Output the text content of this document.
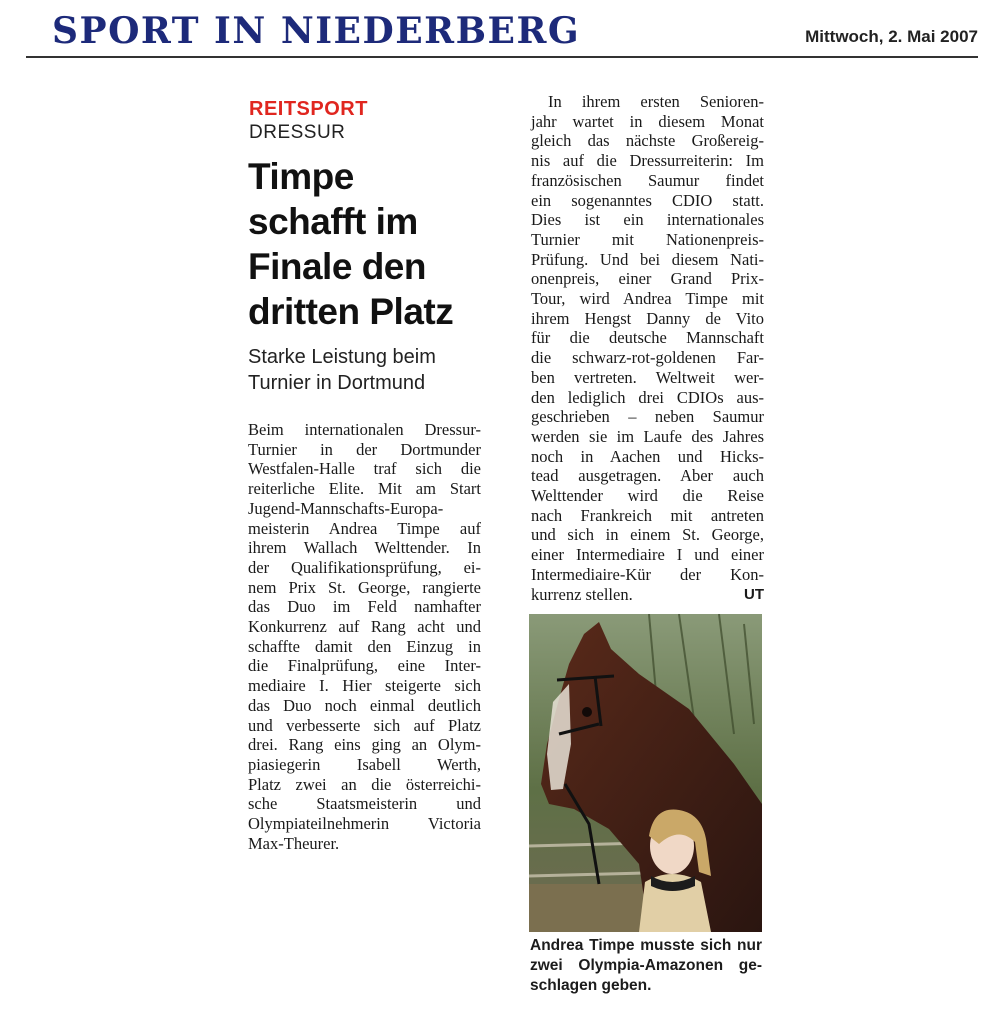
SPORT IN NIEDERBERG	Mittwoch, 2. Mai 2007
REITSPORT
DRESSUR
Timpe
schafft im
Finale den
dritten Platz
Starke Leistung beim
Turnier in Dortmund
Beim internationalen Dressur-
Turnier in der Dortmunder
Westfalen-Halle traf sich die
reiterliche Elite. Mit am Start
Jugend-Mannschafts-Europa-
meisterin Andrea Timpe auf
ihrem Wallach Welttender. In
der Qualifikationsprüfung, ei-
nem Prix St. George, rangierte
das Duo im Feld namhafter
Konkurrenz auf Rang acht und
schaffte damit den Einzug in
die Finalprüfung, eine Inter-
mediaire I. Hier steigerte sich
das Duo noch einmal deutlich
und verbesserte sich auf Platz
drei. Rang eins ging an Olym-
piasiegerin Isabell Werth,
Platz zwei an die österreichi-
sche Staatsmeisterin und
Olympiateilnehmerin Victoria
Max-Theurer.
In ihrem ersten Senioren-
jahr wartet in diesem Monat
gleich das nächste Großereig-
nis auf die Dressurreiterin: Im
französischen Saumur findet
ein sogenanntes CDIO statt.
Dies ist ein internationales
Turnier mit Nationenpreis-
Prüfung. Und bei diesem Nati-
onenpreis, einer Grand Prix-
Tour, wird Andrea Timpe mit
ihrem Hengst Danny de Vito
für die deutsche Mannschaft
die schwarz-rot-goldenen Far-
ben vertreten. Weltweit wer-
den lediglich drei CDIOs aus-
geschrieben – neben Saumur
werden sie im Laufe des Jahres
noch in Aachen und Hicks-
tead ausgetragen. Aber auch
Welttender wird die Reise
nach Frankreich mit antreten
und sich in einem St. George,
einer Intermediaire I und einer
Intermediaire-Kür der Kon-
kurrenz stellen.	UT
Andrea Timpe musste sich nur
zwei Olympia-Amazonen ge-
schlagen geben.
